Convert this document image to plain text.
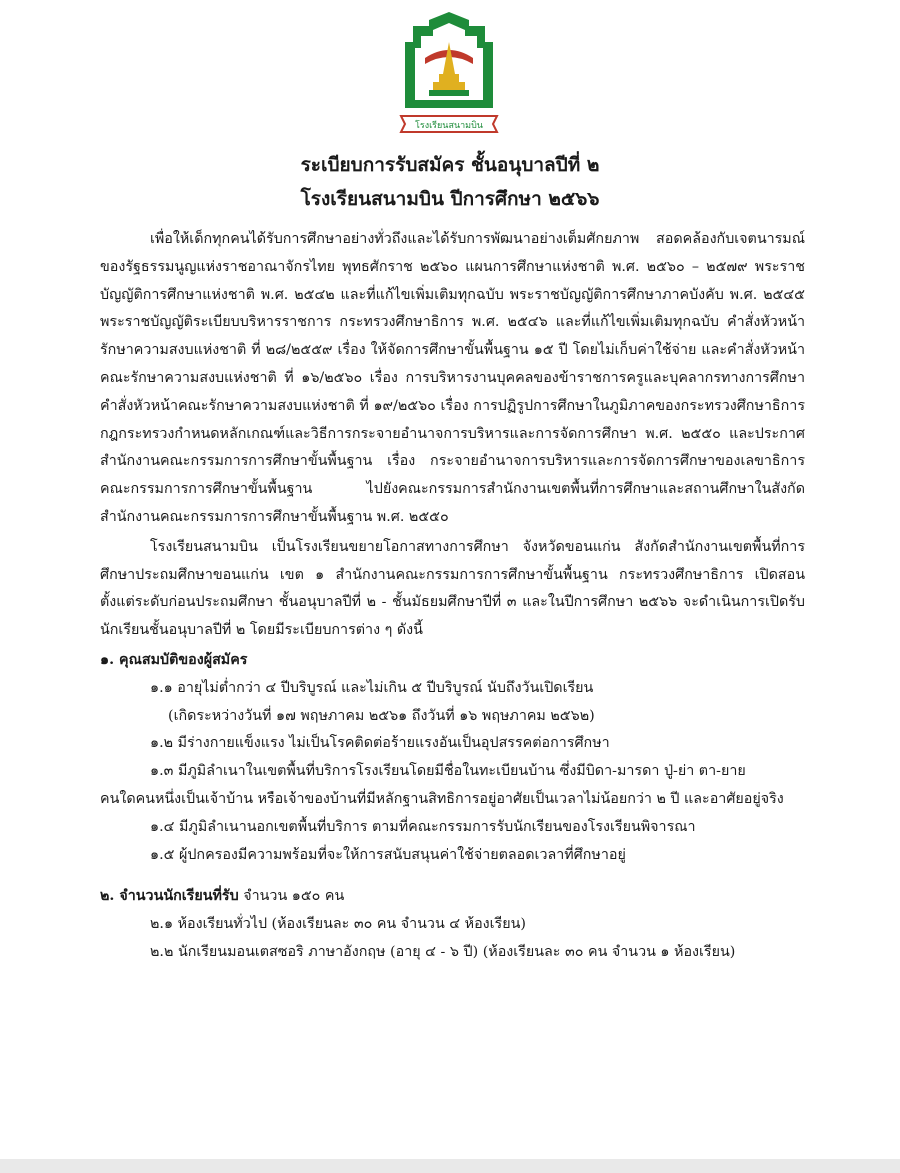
โรงเรียนสนามบิน
ระเบียบการรับสมัคร ชั้นอนุบาลปีที่ ๒
โรงเรียนสนามบิน ปีการศึกษา ๒๕๖๖

เพื่อให้เด็กทุกคนได้รับการศึกษาอย่างทั่วถึงและได้รับการพัฒนาอย่างเต็มศักยภาพ สอดคล้องกับเจตนารมณ์ของรัฐธรรมนูญแห่งราชอาณาจักรไทย พุทธศักราช ๒๕๖๐ แผนการศึกษาแห่งชาติ พ.ศ. ๒๕๖๐ – ๒๕๗๙ พระราชบัญญัติการศึกษาแห่งชาติ พ.ศ. ๒๕๔๒ และที่แก้ไขเพิ่มเติมทุกฉบับ พระราชบัญญัติการศึกษาภาคบังคับ พ.ศ. ๒๕๔๕ พระราชบัญญัติระเบียบบริหารราชการ กระทรวงศึกษาธิการ พ.ศ. ๒๕๔๖ และที่แก้ไขเพิ่มเติมทุกฉบับ คำสั่งหัวหน้ารักษาความสงบแห่งชาติ ที่ ๒๘/๒๕๕๙ เรื่อง ให้จัดการศึกษาขั้นพื้นฐาน ๑๕ ปี โดยไม่เก็บค่าใช้จ่าย และคำสั่งหัวหน้าคณะรักษาความสงบแห่งชาติ ที่ ๑๖/๒๕๖๐ เรื่อง การบริหารงานบุคคลของข้าราชการครูและบุคลากรทางการศึกษา คำสั่งหัวหน้าคณะรักษาความสงบแห่งชาติ ที่ ๑๙/๒๕๖๐ เรื่อง การปฏิรูปการศึกษาในภูมิภาคของกระทรวงศึกษาธิการ กฎกระทรวงกำหนดหลักเกณฑ์และวิธีการกระจายอำนาจการบริหารและการจัดการศึกษา พ.ศ. ๒๕๕๐ และประกาศสำนักงานคณะกรรมการการศึกษาขั้นพื้นฐาน เรื่อง กระจายอำนาจการบริหารและการจัดการศึกษาของเลขาธิการคณะกรรมการการศึกษาขั้นพื้นฐาน ไปยังคณะกรรมการสำนักงานเขตพื้นที่การศึกษาและสถานศึกษาในสังกัดสำนักงานคณะกรรมการการศึกษาขั้นพื้นฐาน พ.ศ. ๒๕๕๐

โรงเรียนสนามบิน เป็นโรงเรียนขยายโอกาสทางการศึกษา จังหวัดขอนแก่น สังกัดสำนักงานเขตพื้นที่การศึกษาประถมศึกษาขอนแก่น เขต ๑ สำนักงานคณะกรรมการการศึกษาขั้นพื้นฐาน กระทรวงศึกษาธิการ เปิดสอนตั้งแต่ระดับก่อนประถมศึกษา ชั้นอนุบาลปีที่ ๒ - ชั้นมัธยมศึกษาปีที่ ๓ และในปีการศึกษา ๒๕๖๖ จะดำเนินการเปิดรับนักเรียนชั้นอนุบาลปีที่ ๒ โดยมีระเบียบการต่าง ๆ ดังนี้

๑. คุณสมบัติของผู้สมัคร

๑.๑ อายุไม่ต่ำกว่า ๔ ปีบริบูรณ์ และไม่เกิน ๕ ปีบริบูรณ์ นับถึงวันเปิดเรียน
(เกิดระหว่างวันที่ ๑๗ พฤษภาคม ๒๕๖๑ ถึงวันที่ ๑๖ พฤษภาคม ๒๕๖๒)

๑.๒ มีร่างกายแข็งแรง ไม่เป็นโรคติดต่อร้ายแรงอันเป็นอุปสรรคต่อการศึกษา

๑.๓ มีภูมิลำเนาในเขตพื้นที่บริการโรงเรียนโดยมีชื่อในทะเบียนบ้าน ซึ่งมีบิดา-มารดา ปู่-ย่า ตา-ยาย

คนใดคนหนึ่งเป็นเจ้าบ้าน หรือเจ้าของบ้านที่มีหลักฐานสิทธิการอยู่อาศัยเป็นเวลาไม่น้อยกว่า ๒ ปี และอาศัยอยู่จริง

๑.๔ มีภูมิลำเนานอกเขตพื้นที่บริการ ตามที่คณะกรรมการรับนักเรียนของโรงเรียนพิจารณา

๑.๕ ผู้ปกครองมีความพร้อมที่จะให้การสนับสนุนค่าใช้จ่ายตลอดเวลาที่ศึกษาอยู่

๒. จำนวนนักเรียนที่รับ จำนวน ๑๕๐ คน

๒.๑ ห้องเรียนทั่วไป (ห้องเรียนละ ๓๐ คน จำนวน ๔ ห้องเรียน)

๒.๒ นักเรียนมอนเตสซอริ ภาษาอังกฤษ (อายุ ๔ - ๖ ปี) (ห้องเรียนละ ๓๐ คน จำนวน ๑ ห้องเรียน)
